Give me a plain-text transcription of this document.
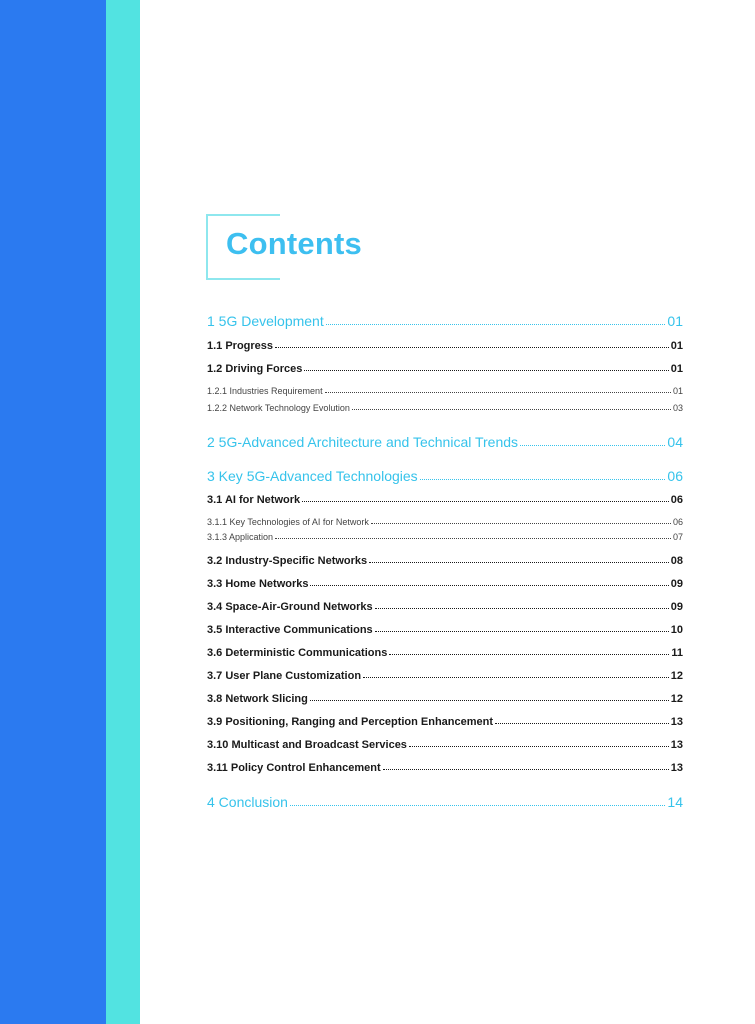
Contents
1 5G Development	01
1.1 Progress	01
1.2 Driving Forces	01
1.2.1 Industries Requirement	01
1.2.2 Network Technology Evolution	03
2 5G-Advanced Architecture and Technical Trends	04
3 Key 5G-Advanced Technologies	06
3.1 AI for Network	06
3.1.1 Key Technologies of AI for Network	06
3.1.3 Application	07
3.2 Industry-Specific Networks	08
3.3 Home Networks	09
3.4 Space-Air-Ground Networks	09
3.5 Interactive Communications	10
3.6 Deterministic Communications	11
3.7 User Plane Customization	12
3.8 Network Slicing	12
3.9 Positioning, Ranging and Perception Enhancement	13
3.10 Multicast and Broadcast Services	13
3.11 Policy Control Enhancement	13
4 Conclusion	14
